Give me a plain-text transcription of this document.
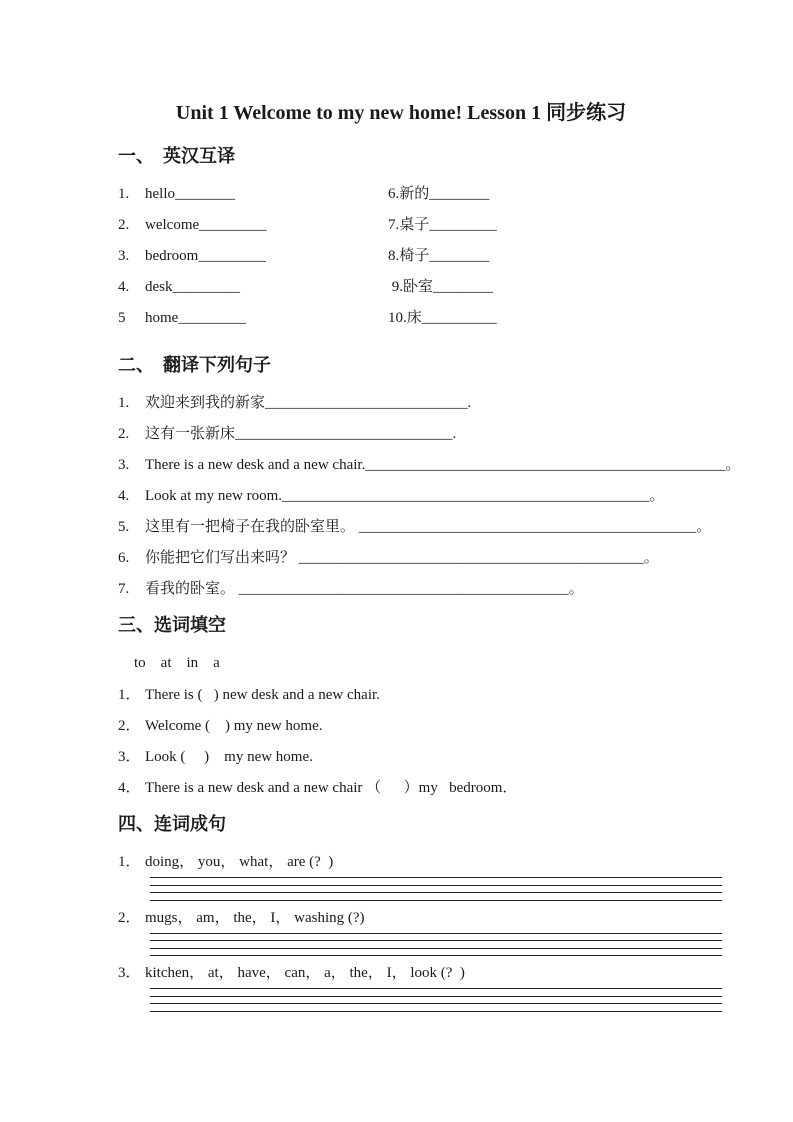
Unit 1 Welcome to my new home! Lesson 1 同步练习
一、  英汉互译
1. hello________
2. welcome_________
3. bedroom_________
4. desk_________
5 home_________
6.新的________
7.桌子_________
8.椅子________
9.卧室________
10.床__________
二、  翻译下列句子
1. 欢迎来到我的新家___________________________.
2. 这有一张新床_____________________________.
3. There is a new desk and a new chair.________________________________________________。
4. Look at my new room._________________________________________________。
5. 这里有一把椅子在我的卧室里。 _____________________________________________。
6. 你能把它们写出来吗？ ______________________________________________。
7. 看我的卧室。 ____________________________________________。
三、选词填空
to    at    in    a
1． There is (   ) new desk and a new chair.
2． Welcome (    ) my new home.
3． Look (     )    my new home.
4． There is a new desk and a new chair （      ）my   bedroom．
四、连词成句
1． doing， you， what， are (?  )
2． mugs， am， the， I， washing (?)
3． kitchen， at， have， can， a， the， I， look (?  )
